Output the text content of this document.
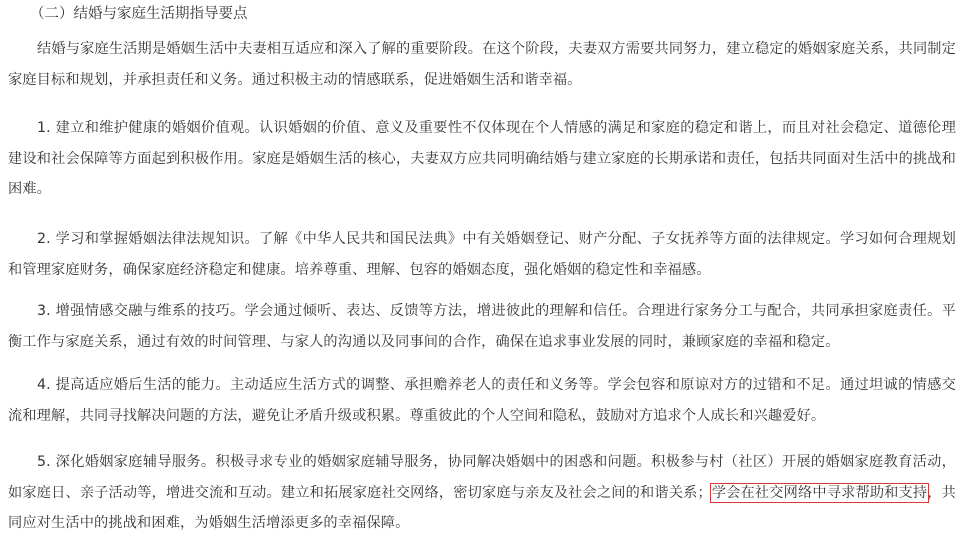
（二）结婚与家庭生活期指导要点

结婚与家庭生活期是婚姻生活中夫妻相互适应和深入了解的重要阶段。在这个阶段，夫妻双方需要共同努力，建立稳定的婚姻家庭关系，共同制定家庭目标和规划，并承担责任和义务。通过积极主动的情感联系，促进婚姻生活和谐幸福。

1. 建立和维护健康的婚姻价值观。认识婚姻的价值、意义及重要性不仅体现在个人情感的满足和家庭的稳定和谐上，而且对社会稳定、道德伦理建设和社会保障等方面起到积极作用。家庭是婚姻生活的核心，夫妻双方应共同明确结婚与建立家庭的长期承诺和责任，包括共同面对生活中的挑战和困难。

2. 学习和掌握婚姻法律法规知识。了解《中华人民共和国民法典》中有关婚姻登记、财产分配、子女抚养等方面的法律规定。学习如何合理规划和管理家庭财务，确保家庭经济稳定和健康。培养尊重、理解、包容的婚姻态度，强化婚姻的稳定性和幸福感。

3. 增强情感交融与维系的技巧。学会通过倾听、表达、反馈等方法，增进彼此的理解和信任。合理进行家务分工与配合，共同承担家庭责任。平衡工作与家庭关系，通过有效的时间管理、与家人的沟通以及同事间的合作，确保在追求事业发展的同时，兼顾家庭的幸福和稳定。

4. 提高适应婚后生活的能力。主动适应生活方式的调整、承担赡养老人的责任和义务等。学会包容和原谅对方的过错和不足。通过坦诚的情感交流和理解，共同寻找解决问题的方法，避免让矛盾升级或积累。尊重彼此的个人空间和隐私，鼓励对方追求个人成长和兴趣爱好。

5. 深化婚姻家庭辅导服务。积极寻求专业的婚姻家庭辅导服务，协同解决婚姻中的困惑和问题。积极参与村（社区）开展的婚姻家庭教育活动，如家庭日、亲子活动等，增进交流和互动。建立和拓展家庭社交网络，密切家庭与亲友及社会之间的和谐关系；学会在社交网络中寻求帮助和支持，共同应对生活中的挑战和困难，为婚姻生活增添更多的幸福保障。
